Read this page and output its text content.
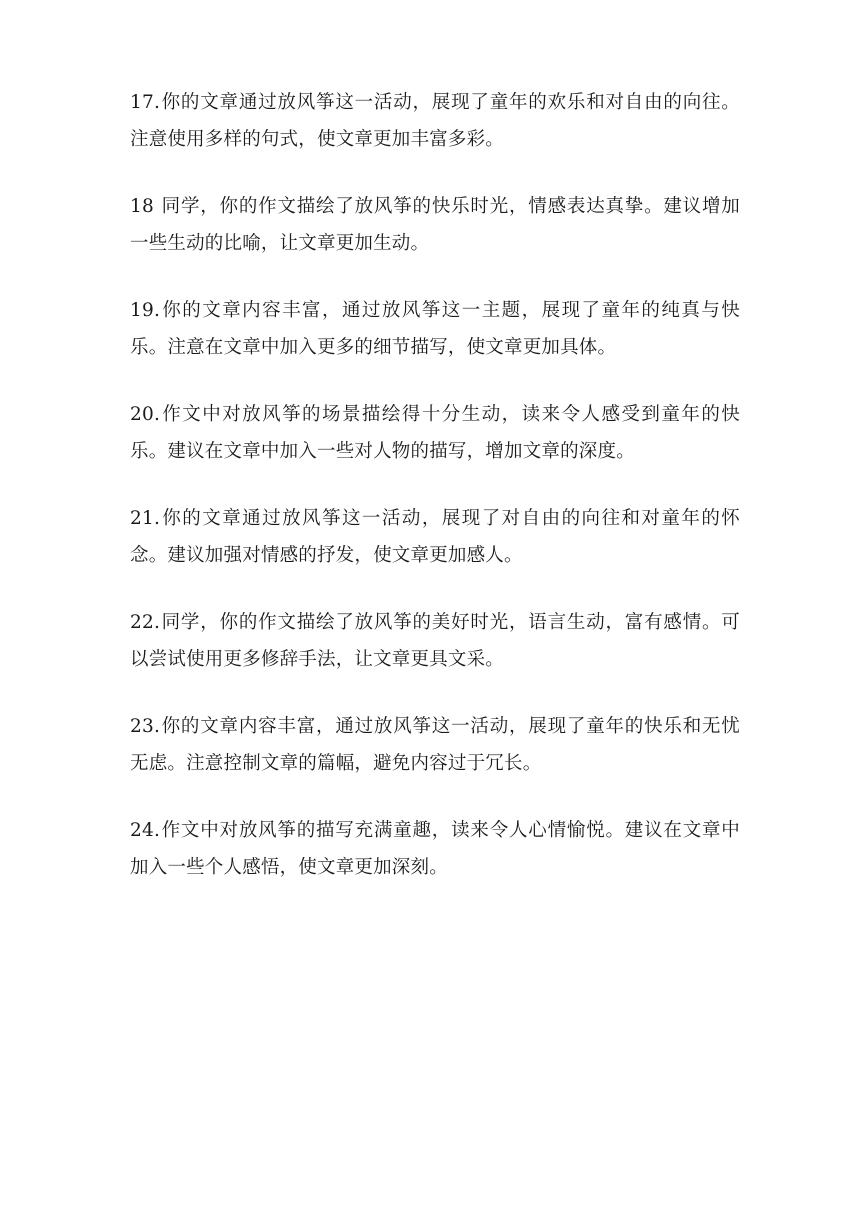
17.你的文章通过放风筝这一活动，展现了童年的欢乐和对自由的向往。注意使用多样的句式，使文章更加丰富多彩。

18 同学，你的作文描绘了放风筝的快乐时光，情感表达真挚。建议增加一些生动的比喻，让文章更加生动。

19.你的文章内容丰富，通过放风筝这一主题，展现了童年的纯真与快乐。注意在文章中加入更多的细节描写，使文章更加具体。

20.作文中对放风筝的场景描绘得十分生动，读来令人感受到童年的快乐。建议在文章中加入一些对人物的描写，增加文章的深度。

21.你的文章通过放风筝这一活动，展现了对自由的向往和对童年的怀念。建议加强对情感的抒发，使文章更加感人。

22.同学，你的作文描绘了放风筝的美好时光，语言生动，富有感情。可以尝试使用更多修辞手法，让文章更具文采。

23.你的文章内容丰富，通过放风筝这一活动，展现了童年的快乐和无忧无虑。注意控制文章的篇幅，避免内容过于冗长。

24.作文中对放风筝的描写充满童趣，读来令人心情愉悦。建议在文章中加入一些个人感悟，使文章更加深刻。
